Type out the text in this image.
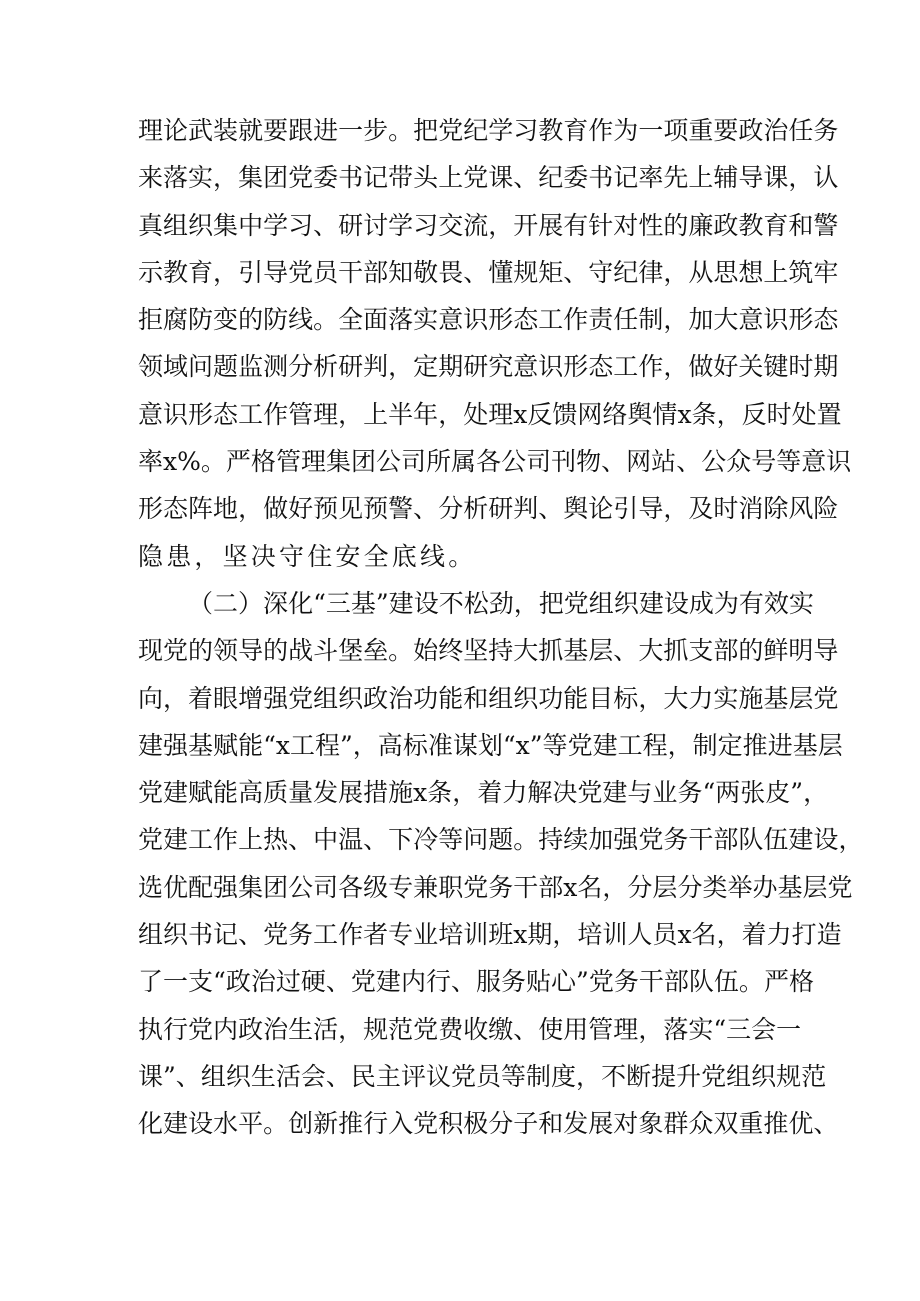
理 论 武 装 就 要 跟 进 一 步 。 把 党 纪 学 习 教 育 作 为 一 项 重 要 政 治 任 务
来 落 实 ， 集 团 党 委 书 记 带 头 上 党 课 、 纪 委 书 记 率 先 上 辅 导 课 ， 认
真 组 织 集 中 学 习 、 研 讨 学 习 交 流 ， 开 展 有 针 对 性 的 廉 政 教 育 和 警
示 教 育 ， 引 导 党 员 干 部 知 敬 畏 、 懂 规 矩 、 守 纪 律 ， 从 思 想 上 筑 牢
拒 腐 防 变 的 防 线 。 全 面 落 实 意 识 形 态 工 作 责 任 制 ， 加 大 意 识 形 态
领 域 问 题 监 测 分 析 研 判 ， 定 期 研 究 意 识 形 态 工 作 ， 做 好 关 键 时 期
意 识 形 态 工 作 管 理 ， 上 半 年 ， 处 理 x 反 馈 网 络 舆 情 x 条 ， 反 时 处 置
率 x % 。 严 格 管 理 集 团 公 司 所 属 各 公 司 刊 物 、 网 站 、 公 众 号 等 意 识
形 态 阵 地 ， 做 好 预 见 预 警 、 分 析 研 判 、 舆 论 引 导 ， 及 时 消 除 风 险
隐患，坚决守住安全底线。
（ 二 ） 深 化 “ 三 基 ” 建 设 不 松 劲 ， 把 党 组 织 建 设 成 为 有 效 实
现 党 的 领 导 的 战 斗 堡 垒 。 始 终 坚 持 大 抓 基 层 、 大 抓 支 部 的 鲜 明 导
向 ， 着 眼 增 强 党 组 织 政 治 功 能 和 组 织 功 能 目 标 ， 大 力 实 施 基 层 党
建 强 基 赋 能 “ x 工 程 ” ， 高 标 准 谋 划 “ x ” 等 党 建 工 程 ， 制 定 推 进 基 层
党 建 赋 能 高 质 量 发 展 措 施 x 条 ， 着 力 解 决 党 建 与 业 务 “ 两 张 皮 ” ，
党 建 工 作 上 热 、 中 温 、 下 冷 等 问 题 。 持 续 加 强 党 务 干 部 队 伍 建 设 ，
选 优 配 强 集 团 公 司 各 级 专 兼 职 党 务 干 部 x 名 ， 分 层 分 类 举 办 基 层 党
组 织 书 记 、 党 务 工 作 者 专 业 培 训 班 x 期 ， 培 训 人 员 x 名 ， 着 力 打 造
了 一 支 “ 政 治 过 硬 、 党 建 内 行 、 服 务 贴 心 ” 党 务 干 部 队 伍 。 严 格
执 行 党 内 政 治 生 活 ， 规 范 党 费 收 缴 、 使 用 管 理 ， 落 实 “ 三 会 一
课 ” 、 组 织 生 活 会 、 民 主 评 议 党 员 等 制 度 ， 不 断 提 升 党 组 织 规 范
化 建 设 水 平 。 创 新 推 行 入 党 积 极 分 子 和 发 展 对 象 群 众 双 重 推 优 、
